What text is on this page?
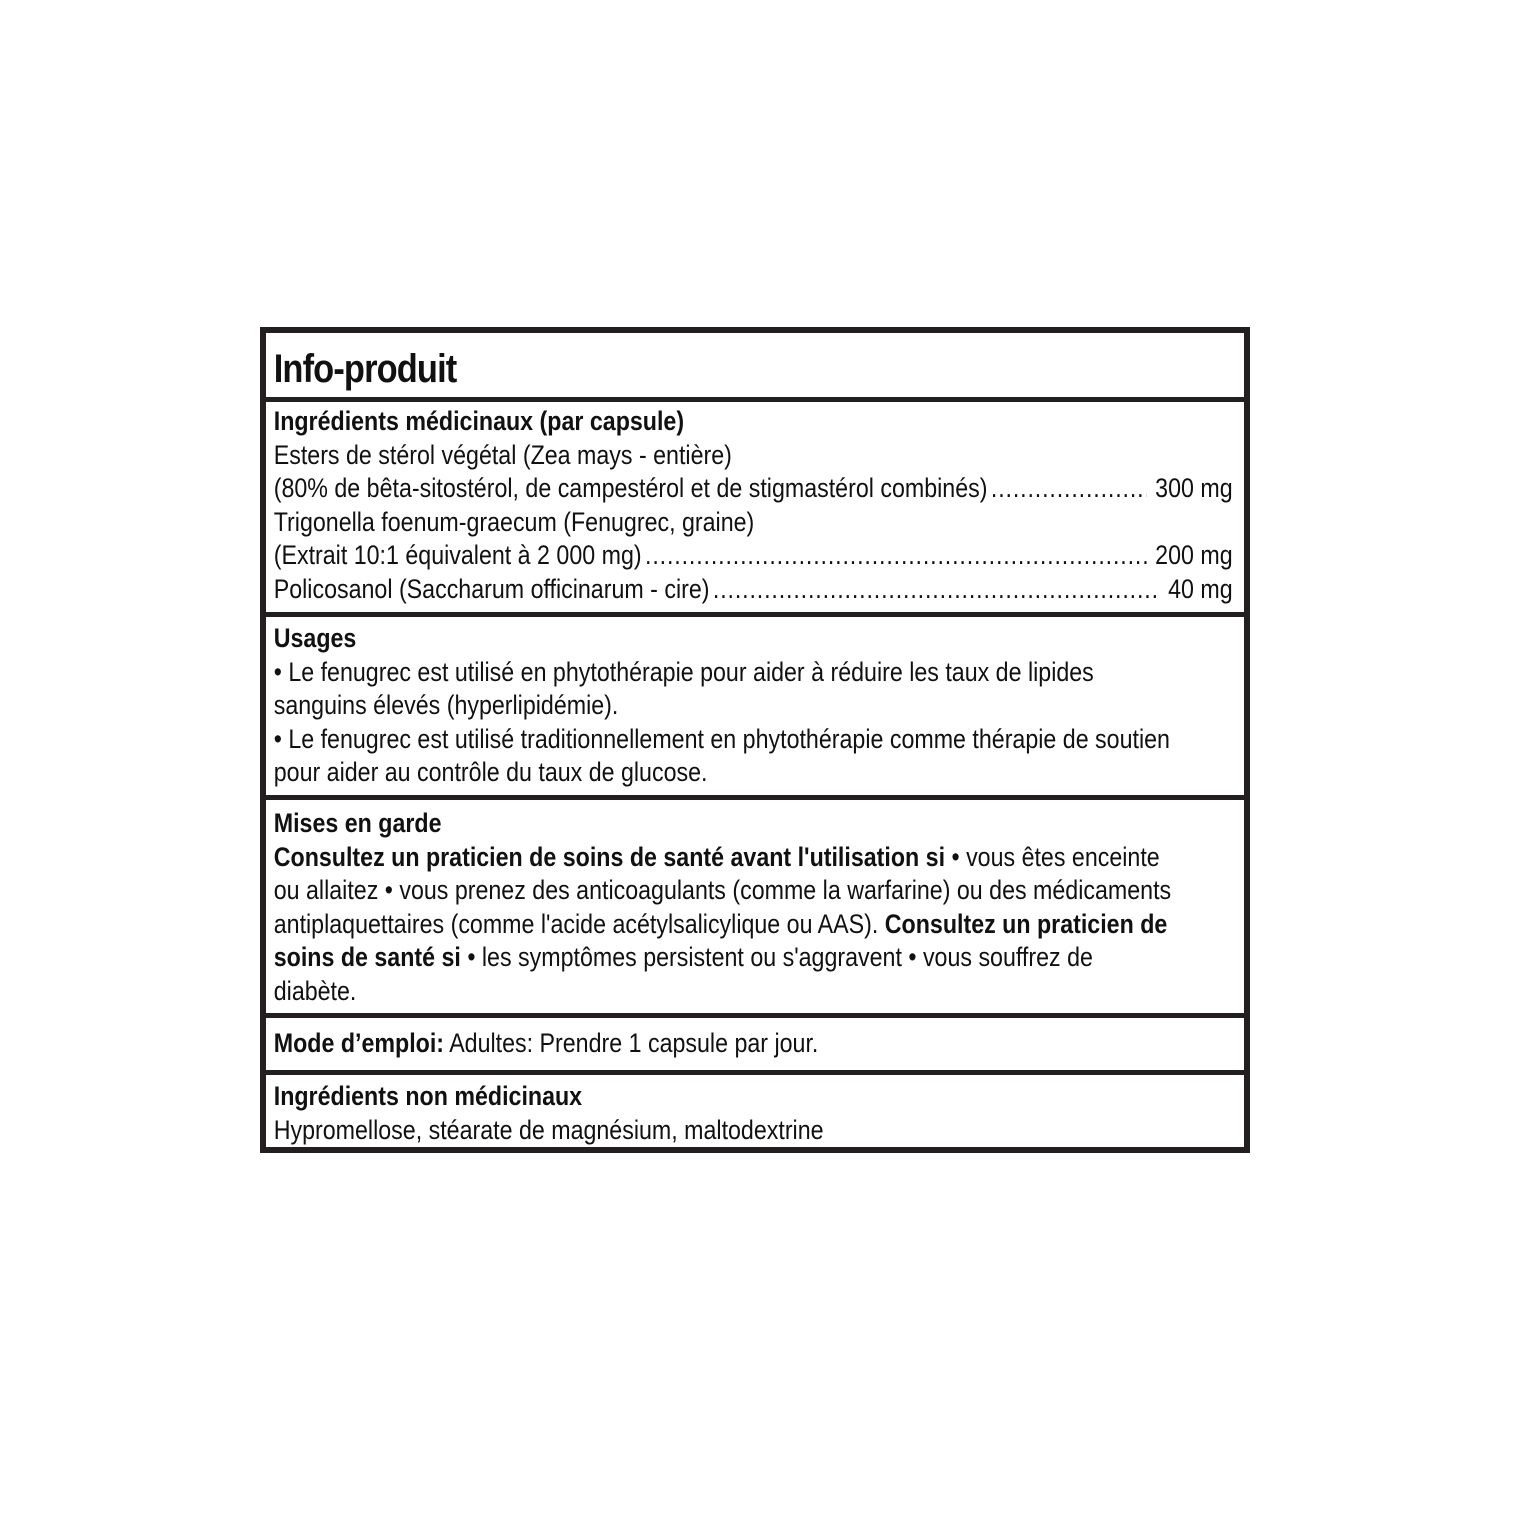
Info-produit
Ingrédients médicinaux (par capsule)
Esters de stérol végétal (Zea mays - entière)
(80% de bêta-sitostérol, de campestérol et de stigmastérol combinés) .....	300 mg
Trigonella foenum-graecum (Fenugrec, graine)
(Extrait 10:1 équivalent à 2 000 mg) .....	200 mg
Policosanol (Saccharum officinarum - cire) .....	40 mg
Usages
• Le fenugrec est utilisé en phytothérapie pour aider à réduire les taux de lipides
sanguins élevés (hyperlipidémie).
• Le fenugrec est utilisé traditionnellement en phytothérapie comme thérapie de soutien
pour aider au contrôle du taux de glucose.
Mises en garde
Consultez un praticien de soins de santé avant l'utilisation si • vous êtes enceinte
ou allaitez • vous prenez des anticoagulants (comme la warfarine) ou des médicaments
antiplaquettaires (comme l'acide acétylsalicylique ou AAS). Consultez un praticien de
soins de santé si • les symptômes persistent ou s'aggravent • vous souffrez de
diabète.
Mode d’emploi: Adultes: Prendre 1 capsule par jour.
Ingrédients non médicinaux
Hypromellose, stéarate de magnésium, maltodextrine
